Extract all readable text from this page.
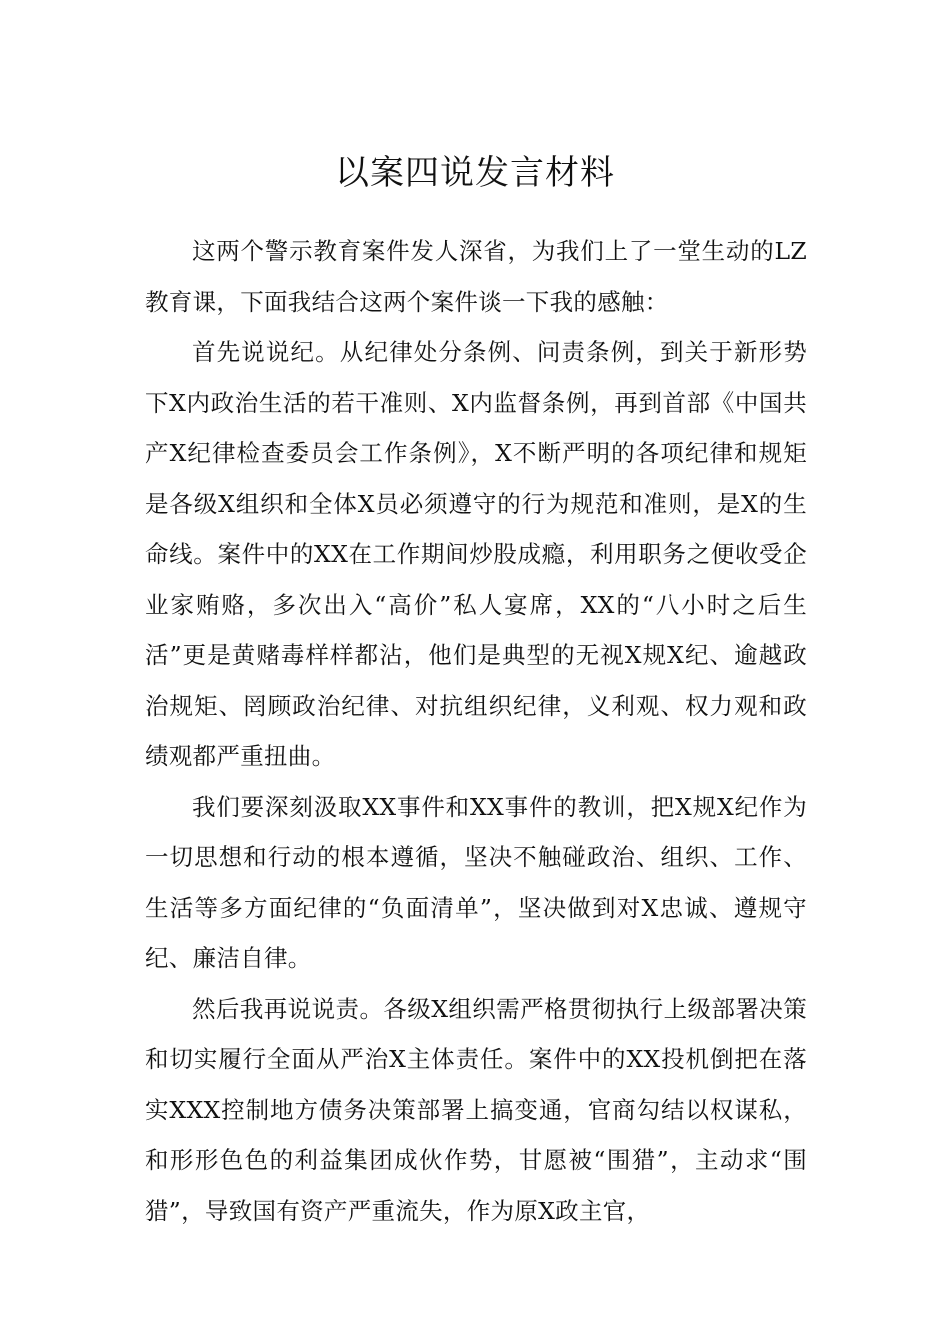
以案四说发言材料

这两个警示教育案件发人深省，为我们上了一堂生动的LZ教育课，下面我结合这两个案件谈一下我的感触：

首先说说纪。从纪律处分条例、问责条例，到关于新形势下X内政治生活的若干准则、X内监督条例，再到首部《中国共产X纪律检查委员会工作条例》，X不断严明的各项纪律和规矩是各级X组织和全体X员必须遵守的行为规范和准则，是X的生命线。案件中的XX在工作期间炒股成瘾，利用职务之便收受企业家贿赂，多次出入“高价”私人宴席，XX的“八小时之后生活”更是黄赌毒样样都沾，他们是典型的无视X规X纪、逾越政治规矩、罔顾政治纪律、对抗组织纪律，义利观、权力观和政绩观都严重扭曲。

我们要深刻汲取XX事件和XX事件的教训，把X规X纪作为一切思想和行动的根本遵循，坚决不触碰政治、组织、工作、生活等多方面纪律的“负面清单”，坚决做到对X忠诚、遵规守纪、廉洁自律。

然后我再说说责。各级X组织需严格贯彻执行上级部署决策和切实履行全面从严治X主体责任。案件中的XX投机倒把在落实XXX控制地方债务决策部署上搞变通，官商勾结以权谋私，和形形色色的利益集团成伙作势，甘愿被“围猎”，主动求“围猎”，导致国有资产严重流失，作为原X政主官，
